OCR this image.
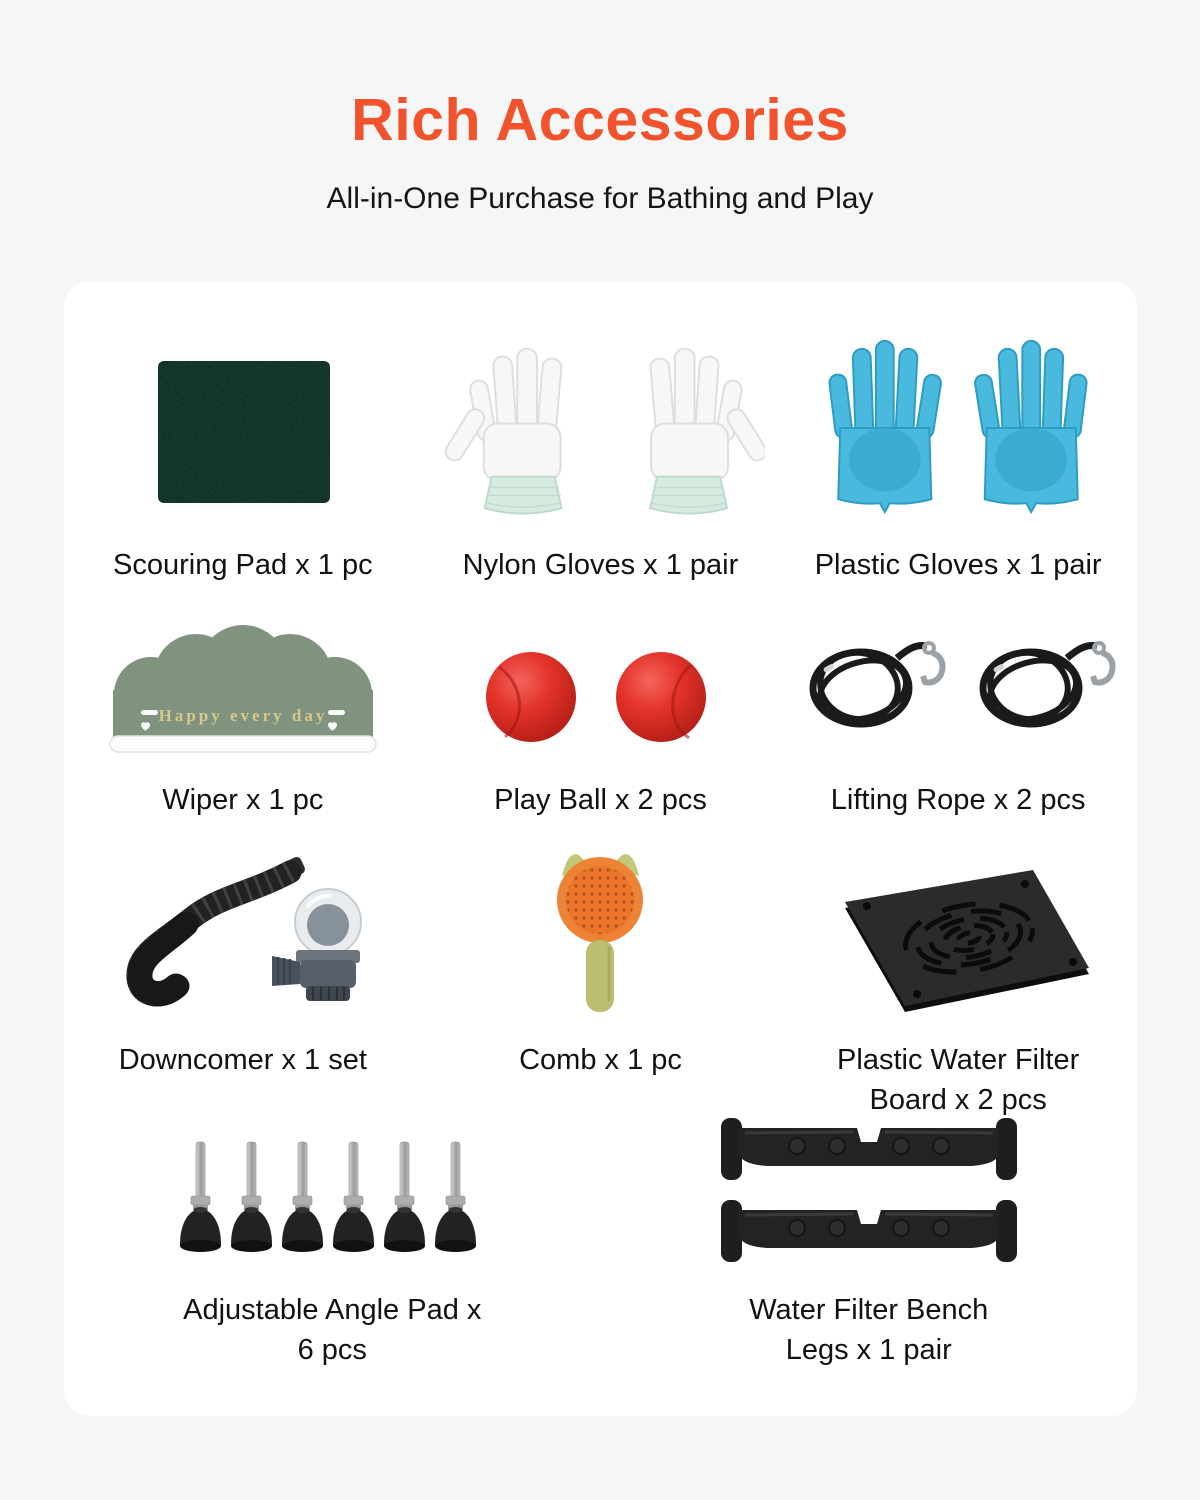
Rich Accessories
All-in-One Purchase for Bathing and Play
Scouring Pad x 1 pc	Nylon Gloves x 1 pair	Plastic Gloves x 1 pair
Happy every day
Wiper x 1 pc	Play Ball x 2 pcs	Lifting Rope x 2 pcs
Downcomer x 1 set	Comb x 1 pc	Plastic Water Filter Board x 2 pcs
Adjustable Angle Pad x 6 pcs
Water Filter Bench Legs x 1 pair
